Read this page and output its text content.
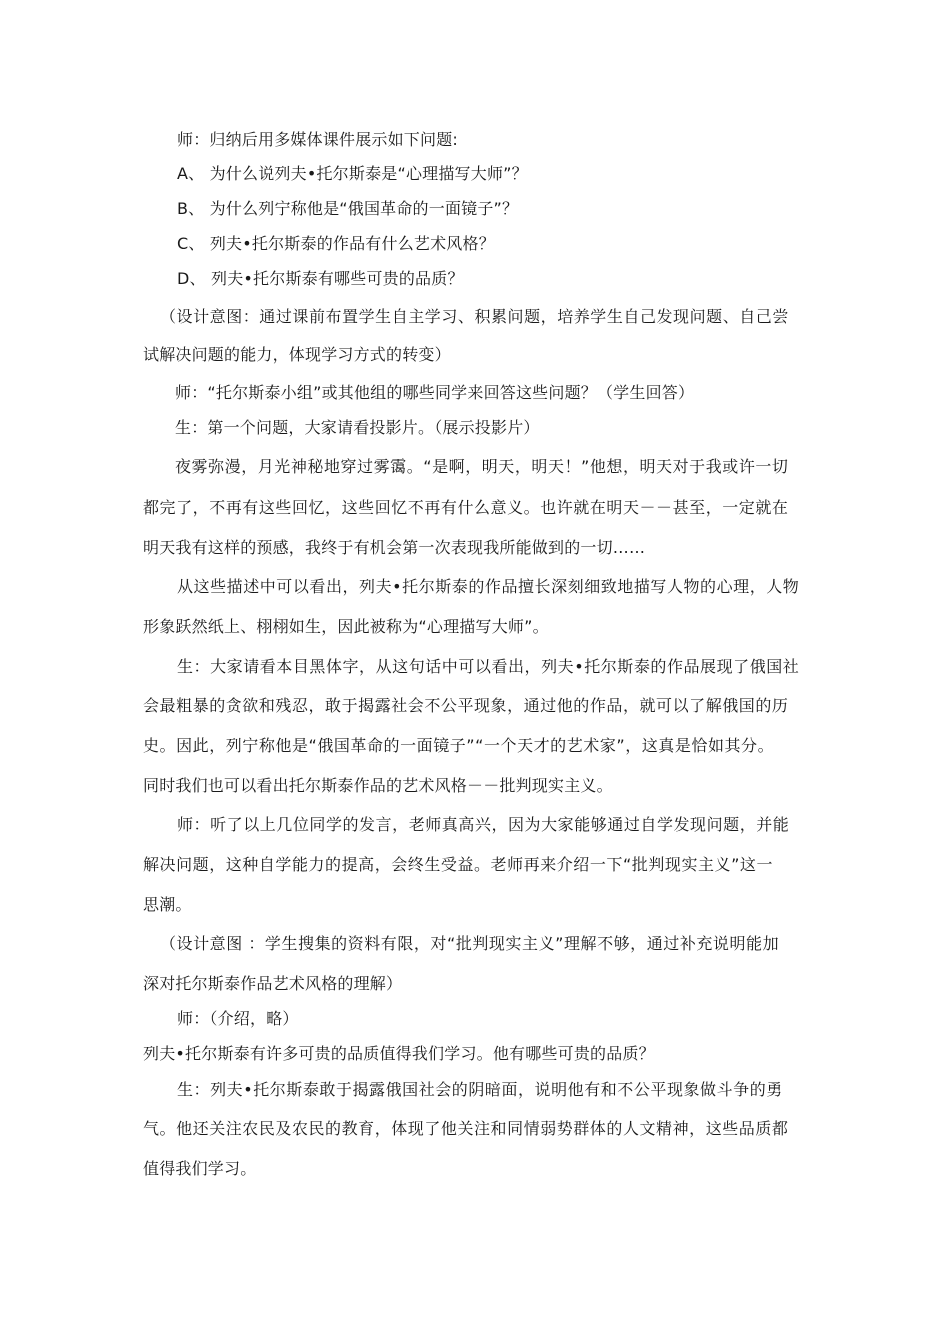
师：归纳后用多媒体课件展示如下问题:

A、 为什么说列夫•托尔斯泰是“心理描写大师”？

B、 为什么列宁称他是“俄国革命的一面镜子”？

C、 列夫•托尔斯泰的作品有什么艺术风格？

D、 列夫•托尔斯泰有哪些可贵的品质？

（设计意图：通过课前布置学生自主学习、积累问题，培养学生自己发现问题、自己尝

试解决问题的能力，体现学习方式的转变）

师：“托尔斯泰小组”或其他组的哪些同学来回答这些问题？（学生回答）

生：第一个问题，大家请看投影片。（展示投影片）

夜雾弥漫，月光神秘地穿过雾霭。“是啊，明天，明天！”他想，明天对于我或许一切

都完了，不再有这些回忆，这些回忆不再有什么意义。也许就在明天－－甚至，一定就在

明天我有这样的预感，我终于有机会第一次表现我所能做到的一切……

从这些描述中可以看出，列夫•托尔斯泰的作品擅长深刻细致地描写人物的心理，人物

形象跃然纸上、栩栩如生，因此被称为“心理描写大师”。

生：大家请看本目黑体字，从这句话中可以看出，列夫•托尔斯泰的作品展现了俄国社

会最粗暴的贪欲和残忍，敢于揭露社会不公平现象，通过他的作品，就可以了解俄国的历

史。因此，列宁称他是“俄国革命的一面镜子”“一个天才的艺术家”，这真是恰如其分。

同时我们也可以看出托尔斯泰作品的艺术风格－－批判现实主义。

师：听了以上几位同学的发言，老师真高兴，因为大家能够通过自学发现问题，并能

解决问题，这种自学能力的提高，会终生受益。老师再来介绍一下“批判现实主义”这一

思潮。

（设计意图 ：学生搜集的资料有限，对“批判现实主义”理解不够，通过补充说明能加

深对托尔斯泰作品艺术风格的理解）

师：（介绍，略）

列夫•托尔斯泰有许多可贵的品质值得我们学习。他有哪些可贵的品质？

生：列夫•托尔斯泰敢于揭露俄国社会的阴暗面，说明他有和不公平现象做斗争的勇

气。他还关注农民及农民的教育，体现了他关注和同情弱势群体的人文精神，这些品质都

值得我们学习。
